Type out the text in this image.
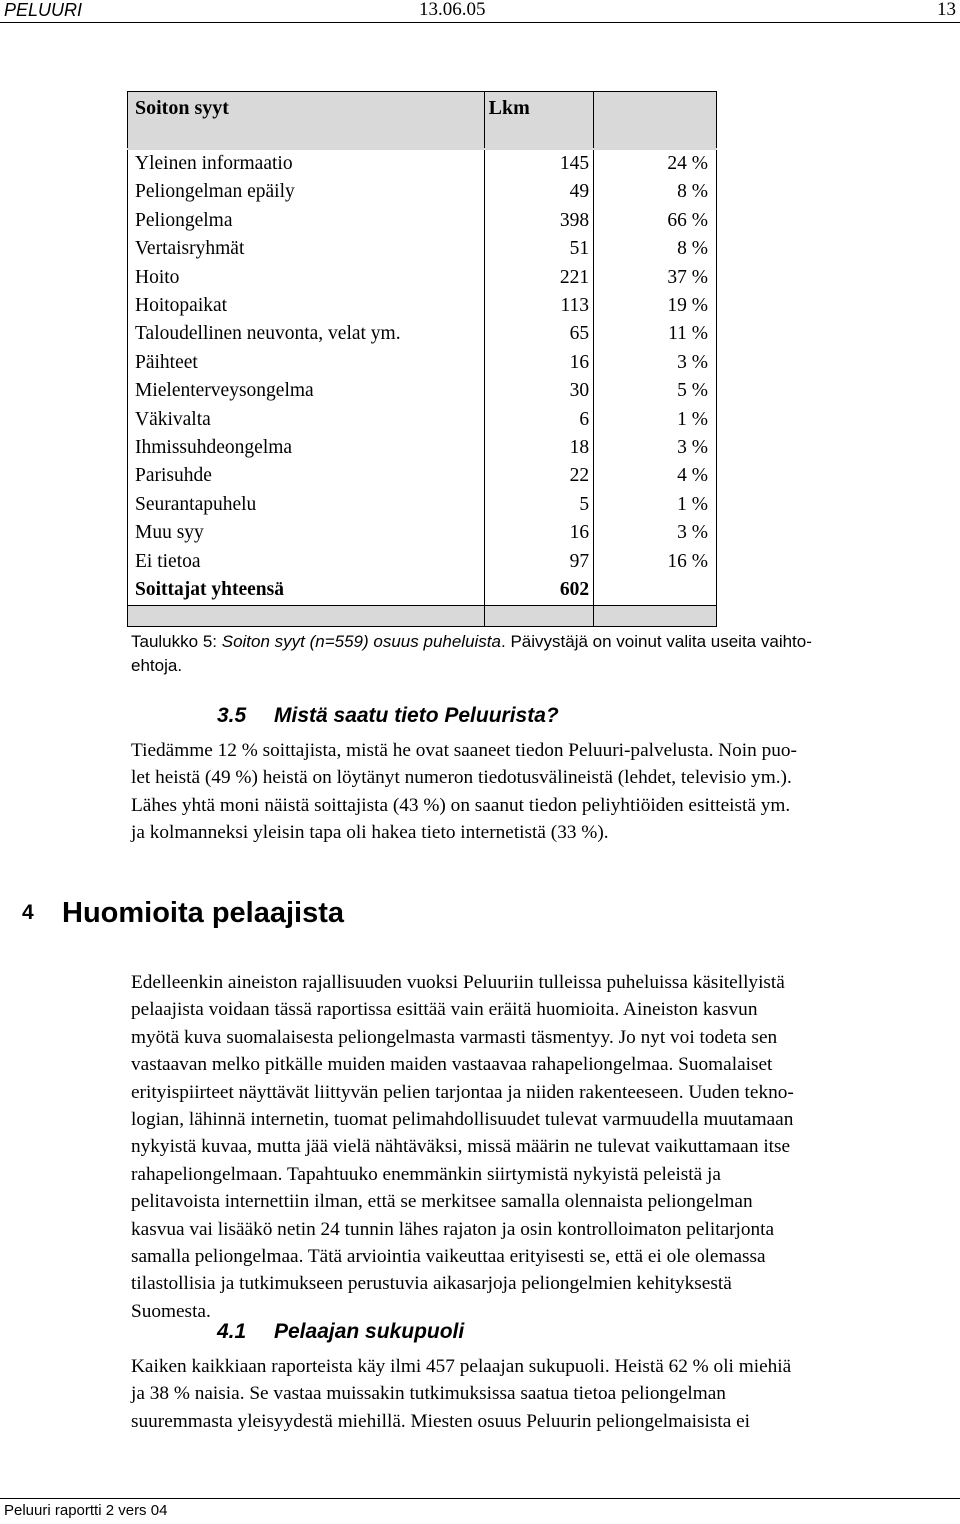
PELUURI	13.06.05	13
Soiton syyt	Lkm	
Yleinen informaatio	145	24 %
Peliongelman epäily	49	8 %
Peliongelma	398	66 %
Vertaisryhmät	51	8 %
Hoito	221	37 %
Hoitopaikat	113	19 %
Taloudellinen neuvonta, velat ym.	65	11 %
Päihteet	16	3 %
Mielenterveysongelma	30	5 %
Väkivalta	6	1 %
Ihmissuhdeongelma	18	3 %
Parisuhde	22	4 %
Seurantapuhelu	5	1 %
Muu syy	16	3 %
Ei tietoa	97	16 %
Soittajat yhteensä	602	

Taulukko 5: Soiton syyt (n=559) osuus puheluista. Päivystäjä on voinut valita useita vaihto-
ehtoja.
3.5 Mistä saatu tieto Peluurista?

Tiedämme 12 % soittajista, mistä he ovat saaneet tiedon Peluuri-palvelusta. Noin puo-

let heistä (49 %) heistä on löytänyt numeron tiedotusvälineistä (lehdet, televisio ym.).

Lähes yhtä moni näistä soittajista (43 %) on saanut tiedon peliyhtiöiden esitteistä ym.

ja kolmanneksi yleisin tapa oli hakea tieto internetistä (33 %).

4 Huomioita pelaajista

Edelleenkin aineiston rajallisuuden vuoksi Peluuriin tulleissa puheluissa käsitellyistä

pelaajista voidaan tässä raportissa esittää vain eräitä huomioita. Aineiston kasvun

myötä kuva suomalaisesta peliongelmasta varmasti täsmentyy. Jo nyt voi todeta sen

vastaavan melko pitkälle muiden maiden vastaavaa rahapeliongelmaa. Suomalaiset

erityispiirteet näyttävät liittyvän pelien tarjontaa ja niiden rakenteeseen. Uuden tekno-

logian, lähinnä internetin, tuomat pelimahdollisuudet tulevat varmuudella muutamaan

nykyistä kuvaa, mutta jää vielä nähtäväksi, missä määrin ne tulevat vaikuttamaan itse

rahapeliongelmaan. Tapahtuuko enemmänkin siirtymistä nykyistä peleistä ja

pelitavoista internettiin ilman, että se merkitsee samalla olennaista peliongelman

kasvua vai lisääkö netin 24 tunnin lähes rajaton ja osin kontrolloimaton pelitarjonta

samalla peliongelmaa. Tätä arviointia vaikeuttaa erityisesti se, että ei ole olemassa

tilastollisia ja tutkimukseen perustuvia aikasarjoja peliongelmien kehityksestä

Suomesta.

4.1 Pelaajan sukupuoli

Kaiken kaikkiaan raporteista käy ilmi 457 pelaajan sukupuoli. Heistä 62 % oli miehiä

ja 38 % naisia. Se vastaa muissakin tutkimuksissa saatua tietoa peliongelman

suuremmasta yleisyydestä miehillä. Miesten osuus Peluurin peliongelmaisista ei

Peluuri raportti 2 vers 04
